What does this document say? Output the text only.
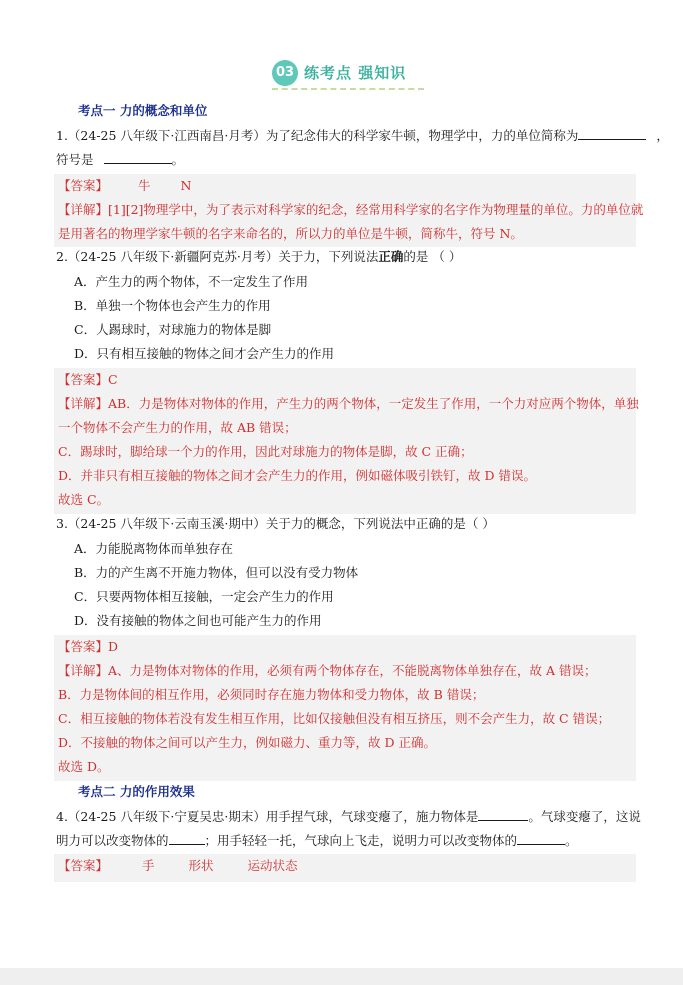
03 练考点 强知识
考点一 力的概念和单位
1.（24-25 八年级下·江西南昌·月考）为了纪念伟大的科学家牛顿，物理学中，力的单位简称为	，
符号是	。
【答案】 牛 N
【详解】[1][2]物理学中，为了表示对科学家的纪念，经常用科学家的名字作为物理量的单位。力的单位就
是用著名的物理学家牛顿的名字来命名的，所以力的单位是牛顿，简称牛，符号 N。
2.（24-25 八年级下·新疆阿克苏·月考）关于力，下列说法正确的是 （ ）
A．产生力的两个物体，不一定发生了作用
B．单独一个物体也会产生力的作用
C．人踢球时，对球施力的物体是脚
D．只有相互接触的物体之间才会产生力的作用
【答案】C
【详解】AB．力是物体对物体的作用，产生力的两个物体，一定发生了作用，一个力对应两个物体，单独
一个物体不会产生力的作用，故 AB 错误；
C．踢球时，脚给球一个力的作用，因此对球施力的物体是脚，故 C 正确；
D．并非只有相互接触的物体之间才会产生力的作用，例如磁体吸引铁钉，故 D 错误。
故选 C。
3.（24-25 八年级下·云南玉溪·期中）关于力的概念，下列说法中正确的是（ ）
A．力能脱离物体而单独存在
B．力的产生离不开施力物体，但可以没有受力物体
C．只要两物体相互接触，一定会产生力的作用
D．没有接触的物体之间也可能产生力的作用
【答案】D
【详解】A、力是物体对物体的作用，必须有两个物体存在，不能脱离物体单独存在，故 A 错误；
B．力是物体间的相互作用，必须同时存在施力物体和受力物体，故 B 错误；
C．相互接触的物体若没有发生相互作用，比如仅接触但没有相互挤压，则不会产生力，故 C 错误；
D．不接触的物体之间可以产生力，例如磁力、重力等，故 D 正确。
故选 D。
考点二 力的作用效果
4.（24-25 八年级下·宁夏吴忠·期末）用手捏气球，气球变瘪了，施力物体是	。气球变瘪了，这说
明力可以改变物体的	；用手轻轻一托，气球向上飞走，说明力可以改变物体的	。
【答案】	手	形状	运动状态
